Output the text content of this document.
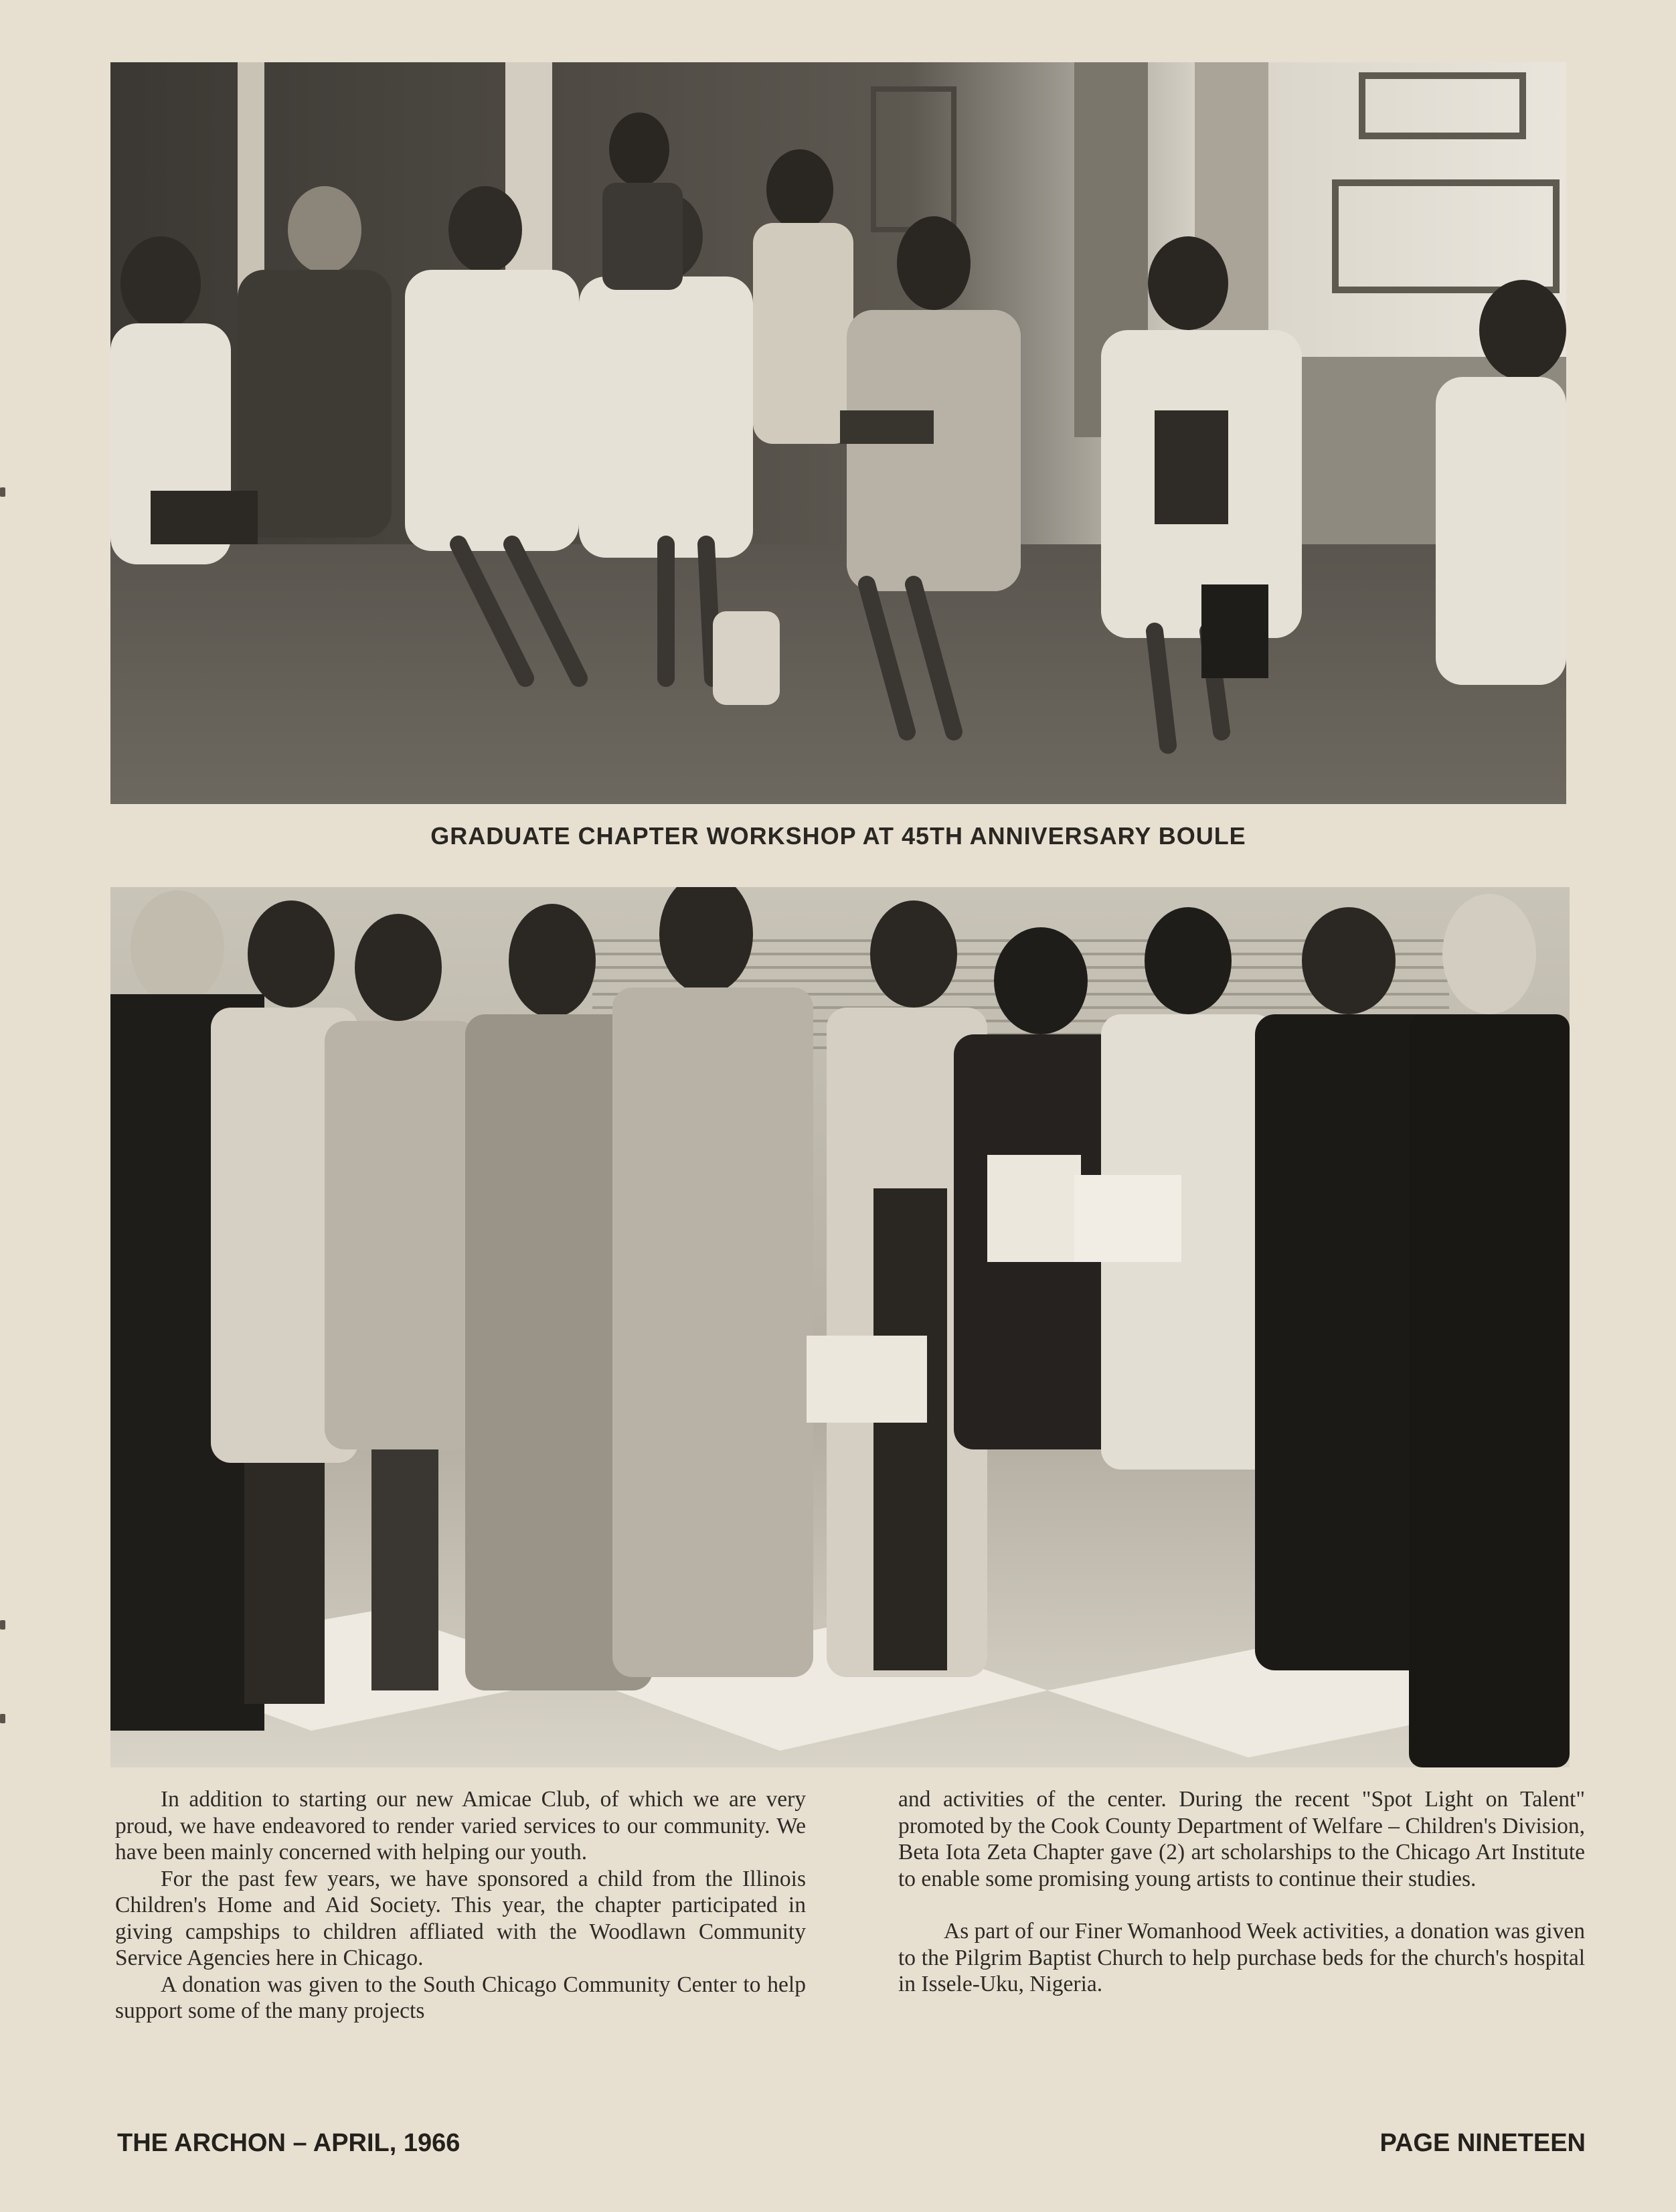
GRADUATE CHAPTER WORKSHOP AT 45TH ANNIVERSARY BOULE

In addition to starting our new Amicae Club, of which we are very proud, we have endeavored to render varied services to our community. We have been mainly concerned with helping our youth.

For the past few years, we have sponsored a child from the Illinois Children's Home and Aid Society. This year, the chapter participated in giving campships to children affliated with the Woodlawn Community Service Agencies here in Chicago.

A donation was given to the South Chicago Community Center to help support some of the many projects

and activities of the center. During the recent "Spot Light on Talent" promoted by the Cook County Department of Welfare – Children's Division, Beta Iota Zeta Chapter gave (2) art scholarships to the Chicago Art Institute to enable some promising young artists to continue their studies.

As part of our Finer Womanhood Week activities, a donation was given to the Pilgrim Baptist Church to help purchase beds for the church's hospital in Issele-Uku, Nigeria.

THE ARCHON – APRIL, 1966	PAGE NINETEEN
